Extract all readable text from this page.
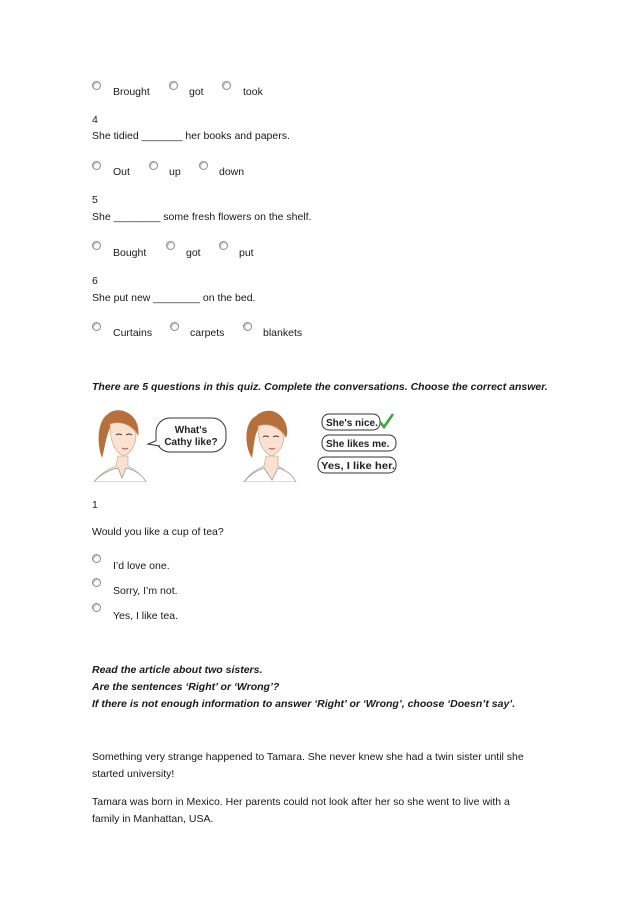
Brought	got	took
4
She tidied _______ her books and papers.
Out	up	down
5
She ________ some fresh flowers on the shelf.
Bought	got	put
6
She put new ________ on the bed.
Curtains	carpets	blankets
There are 5 questions in this quiz. Complete the conversations. Choose the correct answer.
What's
Cathy like?
She's nice.
She likes me.
Yes, I like her.
1
Would you like a cup of tea?
I’d love one.
Sorry, I’m not.
Yes, I like tea.
Read the article about two sisters.
Are the sentences ‘Right’ or ‘Wrong’?
If there is not enough information to answer ‘Right’ or ‘Wrong’, choose ‘Doesn’t say’.
Something very strange happened to Tamara. She never knew she had a twin sister until she
started university!
Tamara was born in Mexico. Her parents could not look after her so she went to live with a
family in Manhattan, USA.
